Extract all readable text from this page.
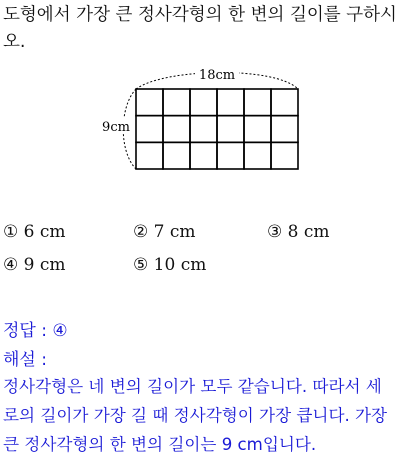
도형에서 가장 큰 정사각형의 한 변의 길이를 구하시오.
18cm
9cm
① 6 cm	② 7 cm	③ 8 cm
④ 9 cm	⑤ 10 cm
정답 : ④
해설 :
정사각형은 네 변의 길이가 모두 같습니다. 따라서 세
로의 길이가 가장 길 때 정사각형이 가장 큽니다. 가장
큰 정사각형의 한 변의 길이는 9 cm입니다.
